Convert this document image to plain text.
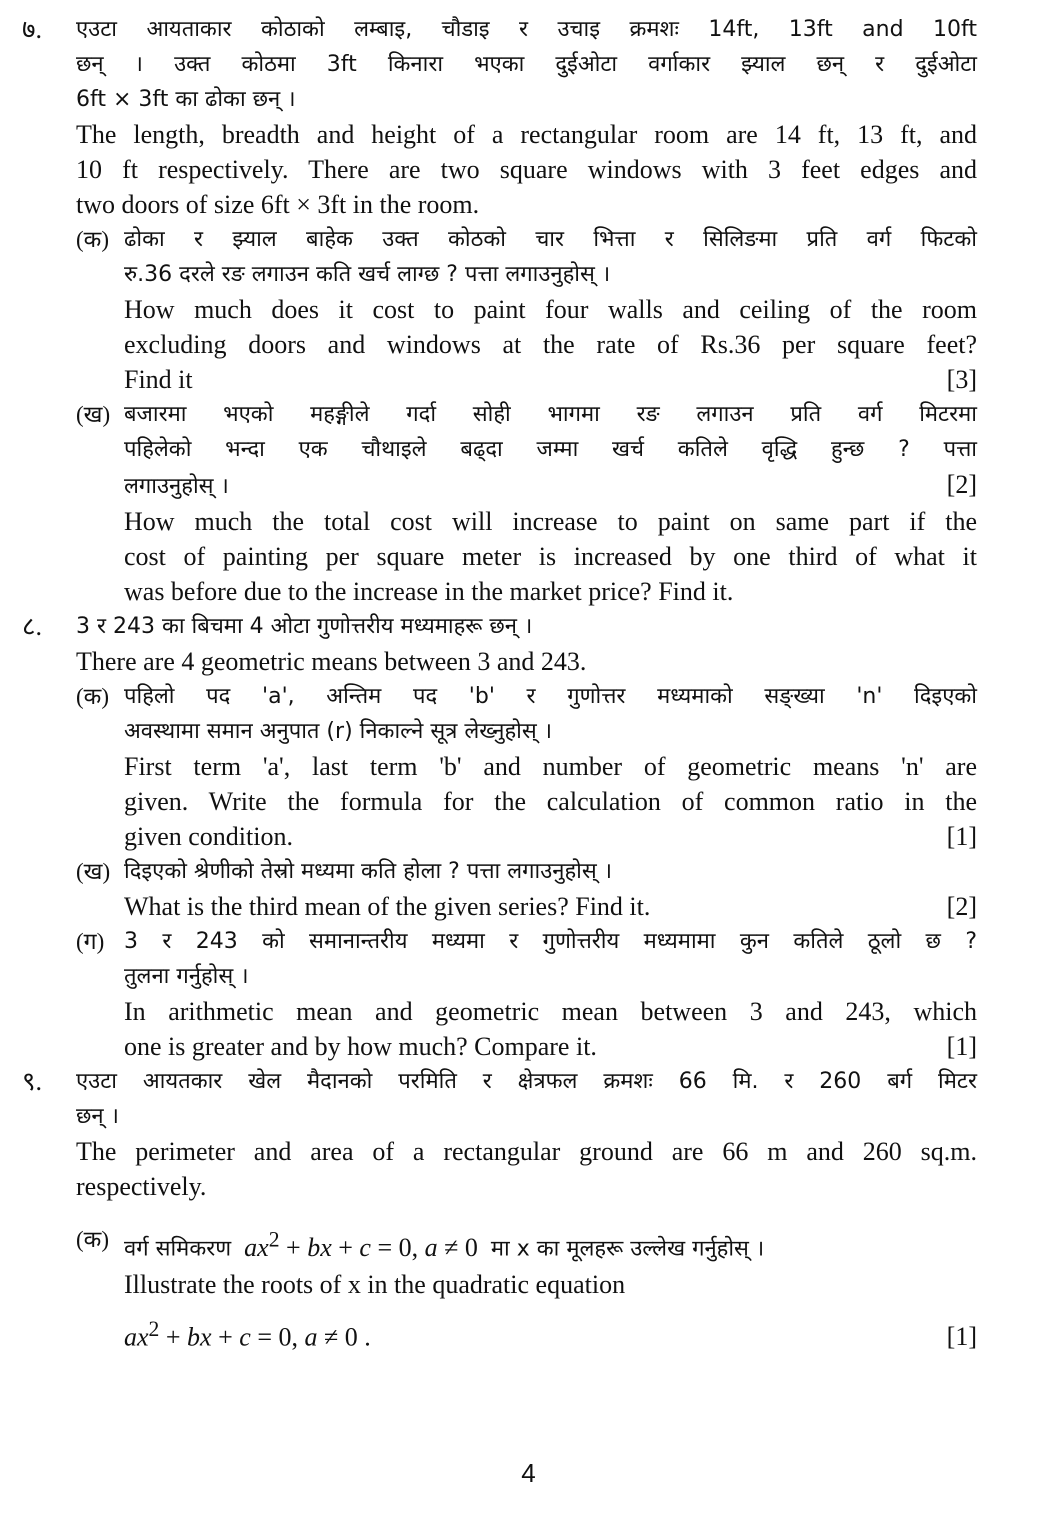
७. एउटा आयताकार कोठाको लम्बाइ, चौडाइ र उचाइ क्रमशः 14ft, 13ft and 10ft
छन् । उक्त कोठमा 3ft किनारा भएका दुईओटा वर्गाकार झ्याल छन् र दुईओटा
6ft × 3ft का ढोका छन् ।
The length, breadth and height of a rectangular room are 14 ft, 13 ft, and
10 ft respectively. There are two square windows with 3 feet edges and
two doors of size 6ft × 3ft in the room.
(क) ढोका र झ्याल बाहेक उक्त कोठको चार भित्ता र सिलिङमा प्रति वर्ग फिटको
रु.36 दरले रङ लगाउन कति खर्च लाग्छ ? पत्ता लगाउनुहोस् ।
How much does it cost to paint four walls and ceiling of the room
excluding doors and windows at the rate of Rs.36 per square feet?
Find it	[3]
(ख) बजारमा भएको महङ्गीले गर्दा सोही भागमा रङ लगाउन प्रति वर्ग मिटरमा
पहिलेको भन्दा एक चौथाइले बढ्दा जम्मा खर्च कतिले वृद्धि हुन्छ ? पत्ता
लगाउनुहोस् ।	[2]
How much the total cost will increase to paint on same part if the
cost of painting per square meter is increased by one third of what it
was before due to the increase in the market price? Find it.
८. 3 र 243 का बिचमा 4 ओटा गुणोत्तरीय मध्यमाहरू छन् ।
There are 4 geometric means between 3 and 243.
(क) पहिलो पद 'a', अन्तिम पद 'b' र गुणोत्तर मध्यमाको सङ्ख्या 'n' दिइएको
अवस्थामा समान अनुपात (r) निकाल्ने सूत्र लेख्नुहोस् ।
First term 'a', last term 'b' and number of geometric means 'n' are
given. Write the formula for the calculation of common ratio in the
given condition.	[1]
(ख) दिइएको श्रेणीको तेस्रो मध्यमा कति होला ? पत्ता लगाउनुहोस् ।
What is the third mean of the given series? Find it.	[2]
(ग) 3 र 243 को समानान्तरीय मध्यमा र गुणोत्तरीय मध्यमामा कुन कतिले ठूलो छ ?
तुलना गर्नुहोस् ।
In arithmetic mean and geometric mean between 3 and 243, which
one is greater and by how much? Compare it.	[1]
९. एउटा आयतकार खेल मैदानको परमिति र क्षेत्रफल क्रमशः 66 मि. र 260 बर्ग मिटर
छन् ।
The perimeter and area of a rectangular ground are 66 m and 260 sq.m.
respectively.
(क) वर्ग समिकरण $ax^2$ + bx + c = 0, a ≠ 0  मा x का मूलहरू उल्लेख गर्नुहोस् ।
Illustrate the roots of x in the quadratic equation
$ax^2$ + bx + c = 0, a ≠ 0 .	[1]
4
